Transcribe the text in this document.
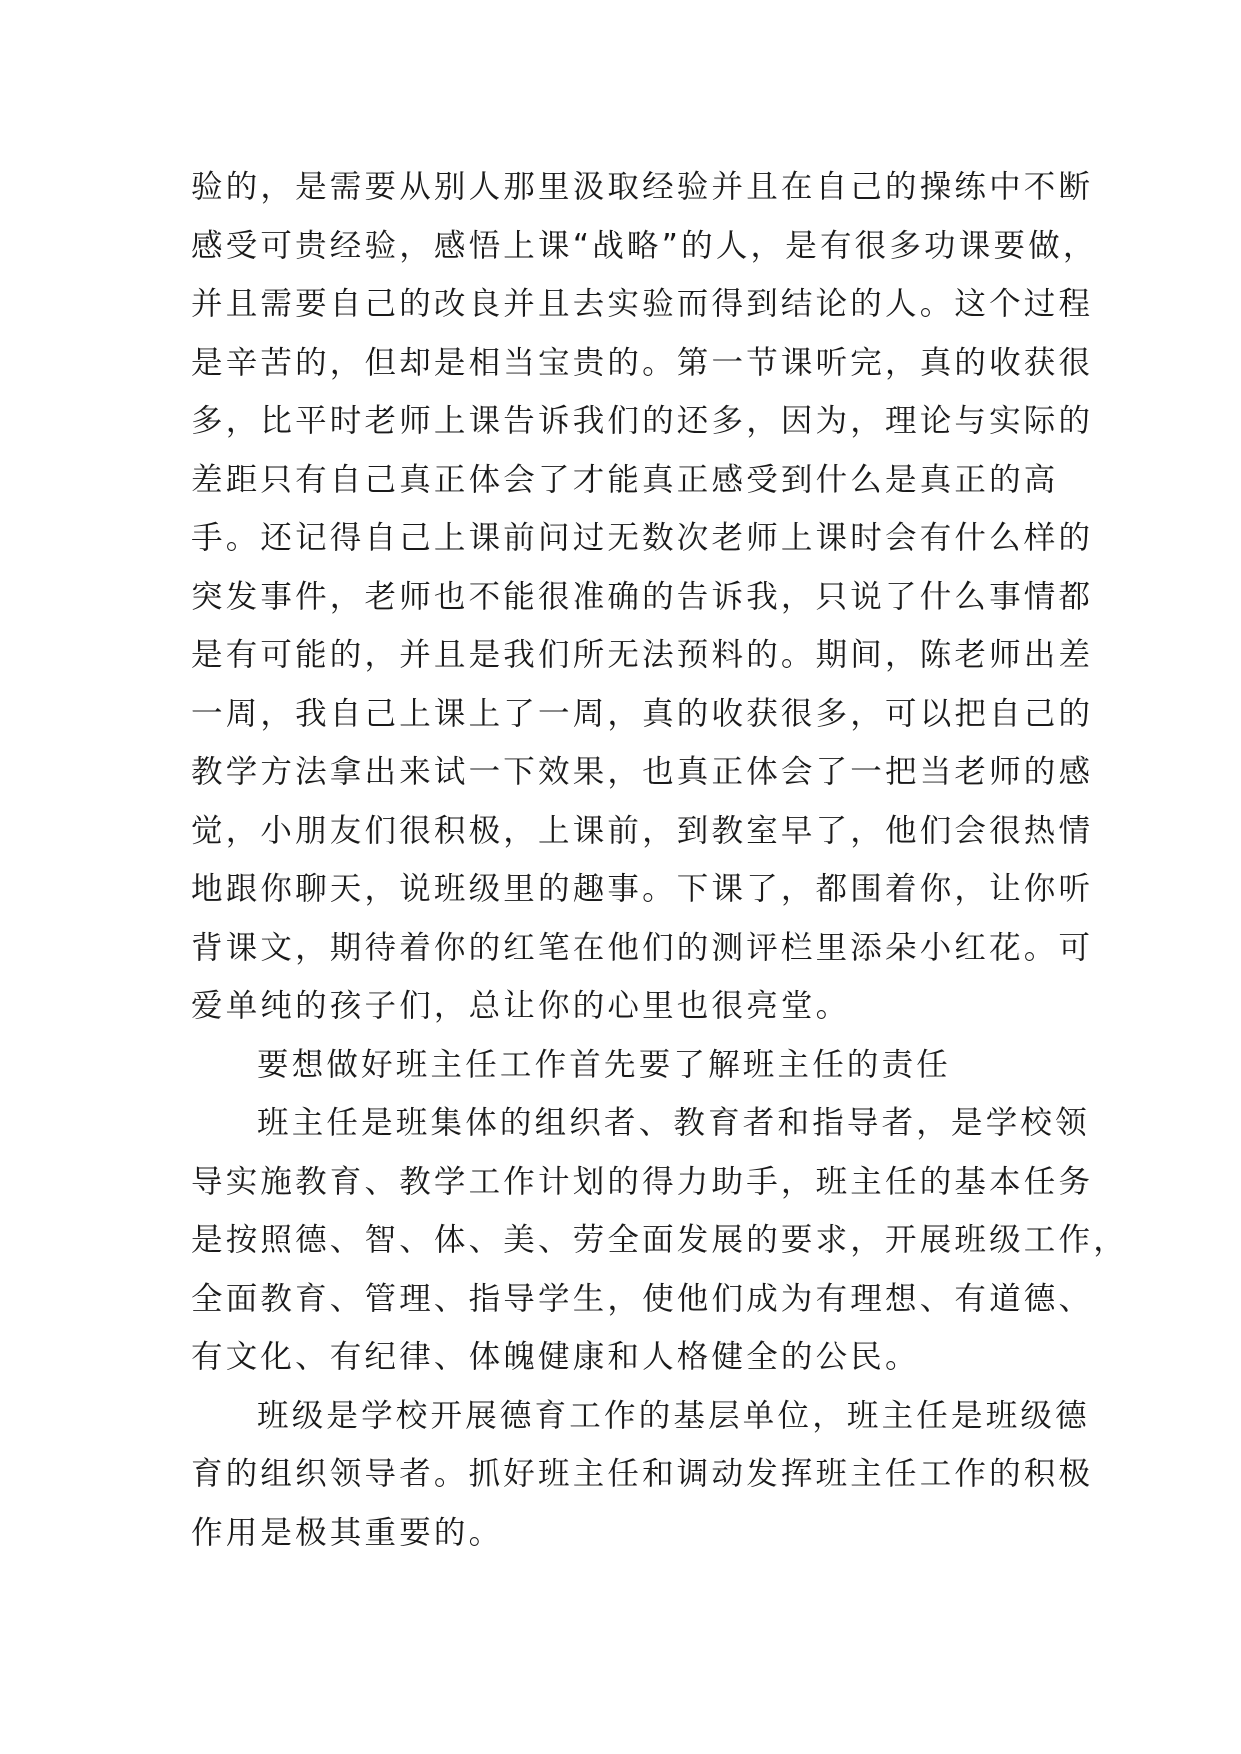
验的，是需要从别人那里汲取经验并且在自己的操练中不断
感受可贵经验，感悟上课“战略”的人，是有很多功课要做，
并且需要自己的改良并且去实验而得到结论的人。这个过程
是辛苦的，但却是相当宝贵的。第一节课听完，真的收获很
多，比平时老师上课告诉我们的还多，因为，理论与实际的
差距只有自己真正体会了才能真正感受到什么是真正的高
手。还记得自己上课前问过无数次老师上课时会有什么样的
突发事件，老师也不能很准确的告诉我，只说了什么事情都
是有可能的，并且是我们所无法预料的。期间，陈老师出差
一周，我自己上课上了一周，真的收获很多，可以把自己的
教学方法拿出来试一下效果，也真正体会了一把当老师的感
觉，小朋友们很积极，上课前，到教室早了，他们会很热情
地跟你聊天，说班级里的趣事。下课了，都围着你，让你听
背课文，期待着你的红笔在他们的测评栏里添朵小红花。可
爱单纯的孩子们，总让你的心里也很亮堂。
要想做好班主任工作首先要了解班主任的责任
班主任是班集体的组织者、教育者和指导者，是学校领
导实施教育、教学工作计划的得力助手，班主任的基本任务
是按照德、智、体、美、劳全面发展的要求，开展班级工作，
全面教育、管理、指导学生，使他们成为有理想、有道德、
有文化、有纪律、体魄健康和人格健全的公民。
班级是学校开展德育工作的基层单位，班主任是班级德
育的组织领导者。抓好班主任和调动发挥班主任工作的积极
作用是极其重要的。
